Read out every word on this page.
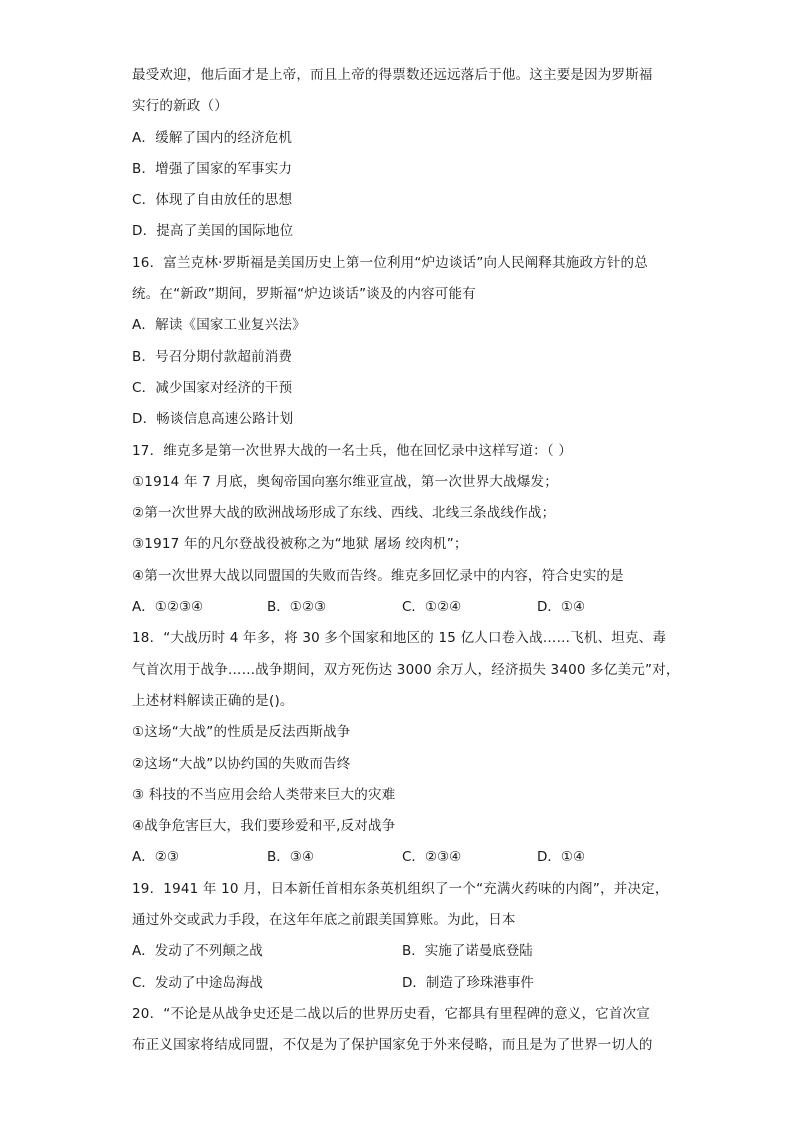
最受欢迎，他后面才是上帝，而且上帝的得票数还远远落后于他。这主要是因为罗斯福
实行的新政（）
A．缓解了国内的经济危机
B．增强了国家的军事实力
C．体现了自由放任的思想
D．提高了美国的国际地位
16．富兰克林·罗斯福是美国历史上第一位利用“炉边谈话”向人民阐释其施政方针的总
统。在“新政”期间，罗斯福“炉边谈话”谈及的内容可能有
A．解读《国家工业复兴法》
B．号召分期付款超前消费
C．减少国家对经济的干预
D．畅谈信息高速公路计划
17．维克多是第一次世界大战的一名士兵，他在回忆录中这样写道：（ ）
①1914 年 7 月底，奥匈帝国向塞尔维亚宣战，第一次世界大战爆发；
②第一次世界大战的欧洲战场形成了东线、西线、北线三条战线作战；
③1917 年的凡尔登战役被称之为“地狱 屠场 绞肉机”；
④第一次世界大战以同盟国的失败而告终。维克多回忆录中的内容，符合史实的是
A．①②③④	B．①②③	C．①②④	D．①④
18．“大战历时 4 年多，将 30 多个国家和地区的 15 亿人口卷入战……飞机、坦克、毒
气首次用于战争……战争期间，双方死伤达 3000 余万人，经济损失 3400 多亿美元”对，
上述材料解读正确的是()。
①这场“大战”的性质是反法西斯战争
②这场“大战”以协约国的失败而告终
③ 科技的不当应用会给人类带来巨大的灾难
④战争危害巨大，我们要珍爱和平,反对战争
A．②③	B．③④	C．②③④	D．①④
19．1941 年 10 月，日本新任首相东条英机组织了一个“充满火药味的内阁”，并决定，
通过外交或武力手段，在这年年底之前跟美国算账。为此，日本
A．发动了不列颠之战	B．实施了诺曼底登陆
C．发动了中途岛海战	D．制造了珍珠港事件
20．“不论是从战争史还是二战以后的世界历史看，它都具有里程碑的意义，它首次宣
布正义国家将结成同盟，不仅是为了保护国家免于外来侵略，而且是为了世界一切人的
